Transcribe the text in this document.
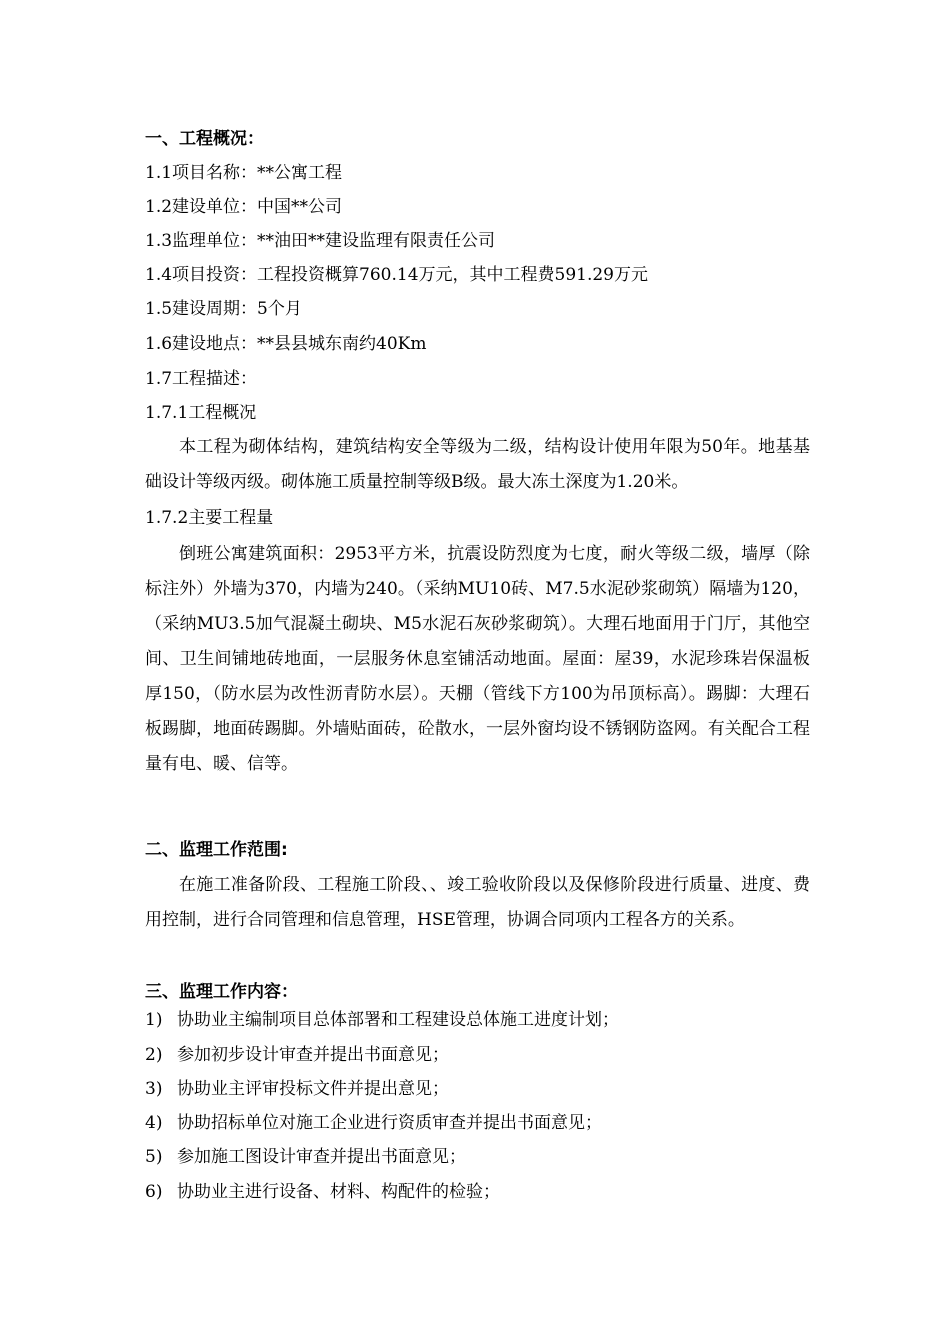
一、工程概况：
1.1项目名称：**公寓工程
1.2建设单位：中国**公司
1.3监理单位：**油田**建设监理有限责任公司
1.4项目投资：工程投资概算760.14万元，其中工程费591.29万元
1.5建设周期：5个月
1.6建设地点：**县县城东南约40Km
1.7工程描述：
1.7.1工程概况
本工程为砌体结构，建筑结构安全等级为二级，结构设计使用年限为50年。地基基础设计等级丙级。砌体施工质量控制等级B级。最大冻土深度为1.20米。
1.7.2主要工程量
倒班公寓建筑面积：2953平方米，抗震设防烈度为七度，耐火等级二级，墙厚（除标注外）外墙为370，内墙为240。（采纳MU10砖、M7.5水泥砂浆砌筑）隔墙为120，（采纳MU3.5加气混凝土砌块、M5水泥石灰砂浆砌筑）。大理石地面用于门厅，其他空间、卫生间铺地砖地面，一层服务休息室铺活动地面。屋面：屋39，水泥珍珠岩保温板厚150，（防水层为改性沥青防水层）。天棚（管线下方100为吊顶标高）。踢脚：大理石板踢脚，地面砖踢脚。外墙贴面砖，砼散水，一层外窗均设不锈钢防盗网。有关配合工程量有电、暖、信等。
二、监理工作范围:
在施工准备阶段、工程施工阶段、、竣工验收阶段以及保修阶段进行质量、进度、费用控制，进行合同管理和信息管理，HSE管理，协调合同项内工程各方的关系。
三、监理工作内容：
1) 协助业主编制项目总体部署和工程建设总体施工进度计划；
2) 参加初步设计审查并提出书面意见；
3) 协助业主评审投标文件并提出意见；
4) 协助招标单位对施工企业进行资质审查并提出书面意见；
5) 参加施工图设计审查并提出书面意见；
6) 协助业主进行设备、材料、构配件的检验；
